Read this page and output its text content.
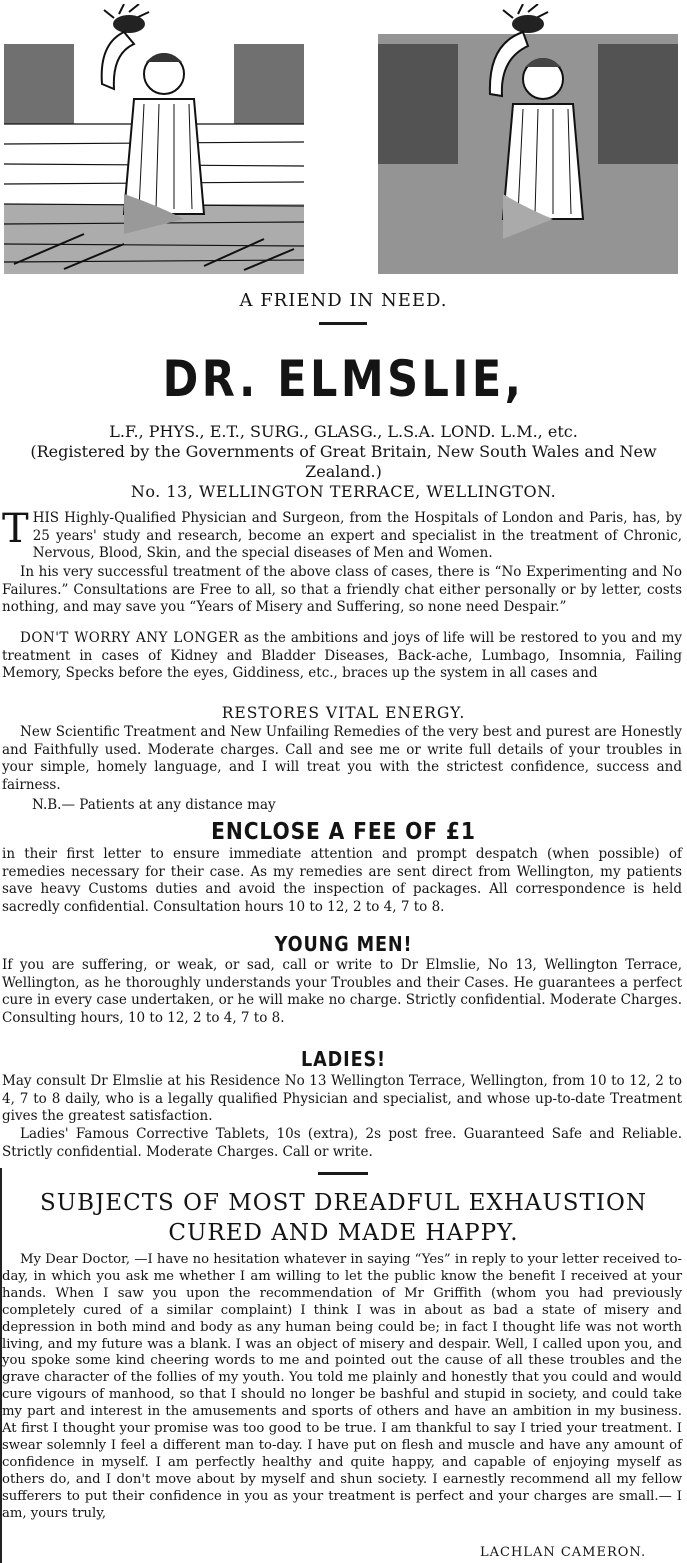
A FRIEND IN NEED.
DR. ELMSLIE,
L.F., PHYS., E.T., SURG., GLASG., L.S.A. LOND. L.M., etc.
(Registered by the Governments of Great Britain, New South Wales and New Zealand.)
No. 13, WELLINGTON TERRACE, WELLINGTON.

THIS Highly-Qualified Physician and Surgeon, from the Hospitals of London and Paris, has, by 25 years' study and research, become an expert and specialist in the treatment of Chronic, Nervous, Blood, Skin, and the special diseases of Men and Women.

In his very successful treatment of the above class of cases, there is “No Experimenting and No Failures.” Consultations are Free to all, so that a friendly chat either personally or by letter, costs nothing, and may save you “Years of Misery and Suffering, so none need Despair.”

DON'T WORRY ANY LONGER as the ambitions and joys of life will be restored to you and my treatment in cases of Kidney and Bladder Diseases, Back-ache, Lumbago, Insomnia, Failing Memory, Specks before the eyes, Giddiness, etc., braces up the system in all cases and

RESTORES VITAL ENERGY.

New Scientific Treatment and New Unfailing Remedies of the very best and purest are Honestly and Faithfully used. Moderate charges. Call and see me or write full details of your troubles in your simple, homely language, and I will treat you with the strictest confidence, success and fairness.

N.B.— Patients at any distance may
ENCLOSE A FEE OF £1

in their first letter to ensure immediate attention and prompt despatch (when possible) of remedies necessary for their case. As my remedies are sent direct from Wellington, my patients save heavy Customs duties and avoid the inspection of packages. All correspondence is held sacredly confidential. Consultation hours 10 to 12, 2 to 4, 7 to 8.

YOUNG MEN!

If you are suffering, or weak, or sad, call or write to Dr Elmslie, No 13, Wellington Terrace, Wellington, as he thoroughly understands your Troubles and their Cases. He guarantees a perfect cure in every case undertaken, or he will make no charge. Strictly confidential. Moderate Charges. Consulting hours, 10 to 12, 2 to 4, 7 to 8.

LADIES!

May consult Dr Elmslie at his Residence No 13 Wellington Terrace, Wellington, from 10 to 12, 2 to 4, 7 to 8 daily, who is a legally qualified Physician and specialist, and whose up-to-date Treatment gives the greatest satisfaction.

Ladies' Famous Corrective Tablets, 10s (extra), 2s post free. Guaranteed Safe and Reliable. Strictly confidential. Moderate Charges. Call or write.

SUBJECTS OF MOST DREADFUL EXHAUSTION
CURED AND MADE HAPPY.

My Dear Doctor, —I have no hesitation whatever in saying “Yes” in reply to your letter received to-day, in which you ask me whether I am willing to let the public know the benefit I received at your hands. When I saw you upon the recommendation of Mr Griffith (whom you had previously completely cured of a similar complaint) I think I was in about as bad a state of misery and depression in both mind and body as any human being could be; in fact I thought life was not worth living, and my future was a blank. I was an object of misery and despair. Well, I called upon you, and you spoke some kind cheering words to me and pointed out the cause of all these troubles and the grave character of the follies of my youth. You told me plainly and honestly that you could and would cure vigours of manhood, so that I should no longer be bashful and stupid in society, and could take my part and interest in the amusements and sports of others and have an ambition in my business. At first I thought your promise was too good to be true. I am thankful to say I tried your treatment. I swear solemnly I feel a different man to-day. I have put on flesh and muscle and have any amount of confidence in myself. I am perfectly healthy and quite happy, and capable of enjoying myself as others do, and I don't move about by myself and shun society. I earnestly recommend all my fellow sufferers to put their confidence in you as your treatment is perfect and your charges are small.— I am, yours truly,

LACHLAN CAMERON.
